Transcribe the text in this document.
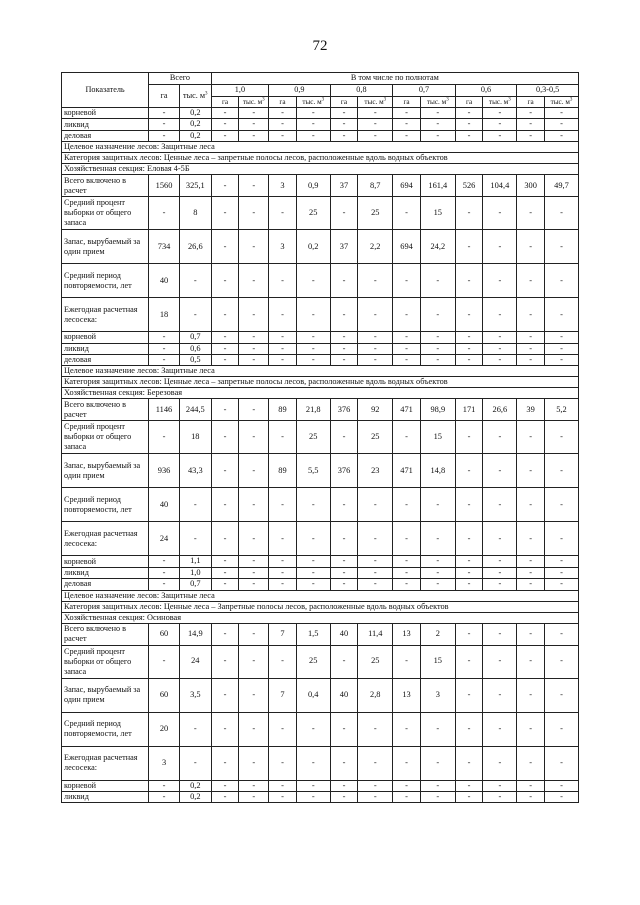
72
Показатель	Всего		В том числе по полнотам											
	га	тыс. $м^3$	1,0		0,9		0,8		0,7		0,6		0,3-0,5	
			га	тыс. $м^3$	га	тыс. $м^3$	га	тыс. $м^3$	га	тыс. $м^3$	га	тыс. $м^3$	га	тыс. $м^3$
корневой	-	0,2	-	-	-	-	-	-	-	-	-	-	-	-
ликвид	-	0,2	-	-	-	-	-	-	-	-	-	-	-	-
деловая	-	0,2	-	-	-	-	-	-	-	-	-	-	-	-
Целевое назначение лесов: Защитные леса														
Категория защитных лесов: Ценные леса – запретные полосы лесов, расположенные вдоль водных объектов														
Хозяйственная секция: Еловая 4-5Б														
Всего включено в расчет	1560	325,1	-	-	3	0,9	37	8,7	694	161,4	526	104,4	300	49,7
Средний процент выборки от общего запаса	-	8	-	-	-	25	-	25	-	15	-	-	-	-
Запас, вырубаемый за один прием	734	26,6	-	-	3	0,2	37	2,2	694	24,2	-	-	-	-
Средний период повторяемости, лет	40	-	-	-	-	-	-	-	-	-	-	-	-	-
Ежегодная расчетная лесосека:	18	-	-	-	-	-	-	-	-	-	-	-	-	-
корневой	-	0,7	-	-	-	-	-	-	-	-	-	-	-	-
ликвид	-	0,6	-	-	-	-	-	-	-	-	-	-	-	-
деловая	-	0,5	-	-	-	-	-	-	-	-	-	-	-	-
Целевое назначение лесов: Защитные леса														
Категория защитных лесов: Ценные леса – запретные полосы лесов, расположенные вдоль водных объектов														
Хозяйственная секция: Березовая														
Всего включено в расчет	1146	244,5	-	-	89	21,8	376	92	471	98,9	171	26,6	39	5,2
Средний процент выборки от общего запаса	-	18	-	-	-	25	-	25	-	15	-	-	-	-
Запас, вырубаемый за один прием	936	43,3	-	-	89	5,5	376	23	471	14,8	-	-	-	-
Средний период повторяемости, лет	40	-	-	-	-	-	-	-	-	-	-	-	-	-
Ежегодная расчетная лесосека:	24	-	-	-	-	-	-	-	-	-	-	-	-	-
корневой	-	1,1	-	-	-	-	-	-	-	-	-	-	-	-
ликвид	-	1,0	-	-	-	-	-	-	-	-	-	-	-	-
деловая	-	0,7	-	-	-	-	-	-	-	-	-	-	-	-
Целевое назначение лесов: Защитные леса														
Категория защитных лесов: Ценные леса – Запретные полосы лесов, расположенные вдоль водных объектов														
Хозяйственная секция: Осиновая														
Всего включено в расчет	60	14,9	-	-	7	1,5	40	11,4	13	2	-	-	-	-
Средний процент выборки от общего запаса	-	24	-	-	-	25	-	25	-	15	-	-	-	-
Запас, вырубаемый за один прием	60	3,5	-	-	7	0,4	40	2,8	13	3	-	-	-	-
Средний период повторяемости, лет	20	-	-	-	-	-	-	-	-	-	-	-	-	-
Ежегодная расчетная лесосека:	3	-	-	-	-	-	-	-	-	-	-	-	-	-
корневой	-	0,2	-	-	-	-	-	-	-	-	-	-	-	-
ликвид	-	0,2	-	-	-	-	-	-	-	-	-	-	-	-
